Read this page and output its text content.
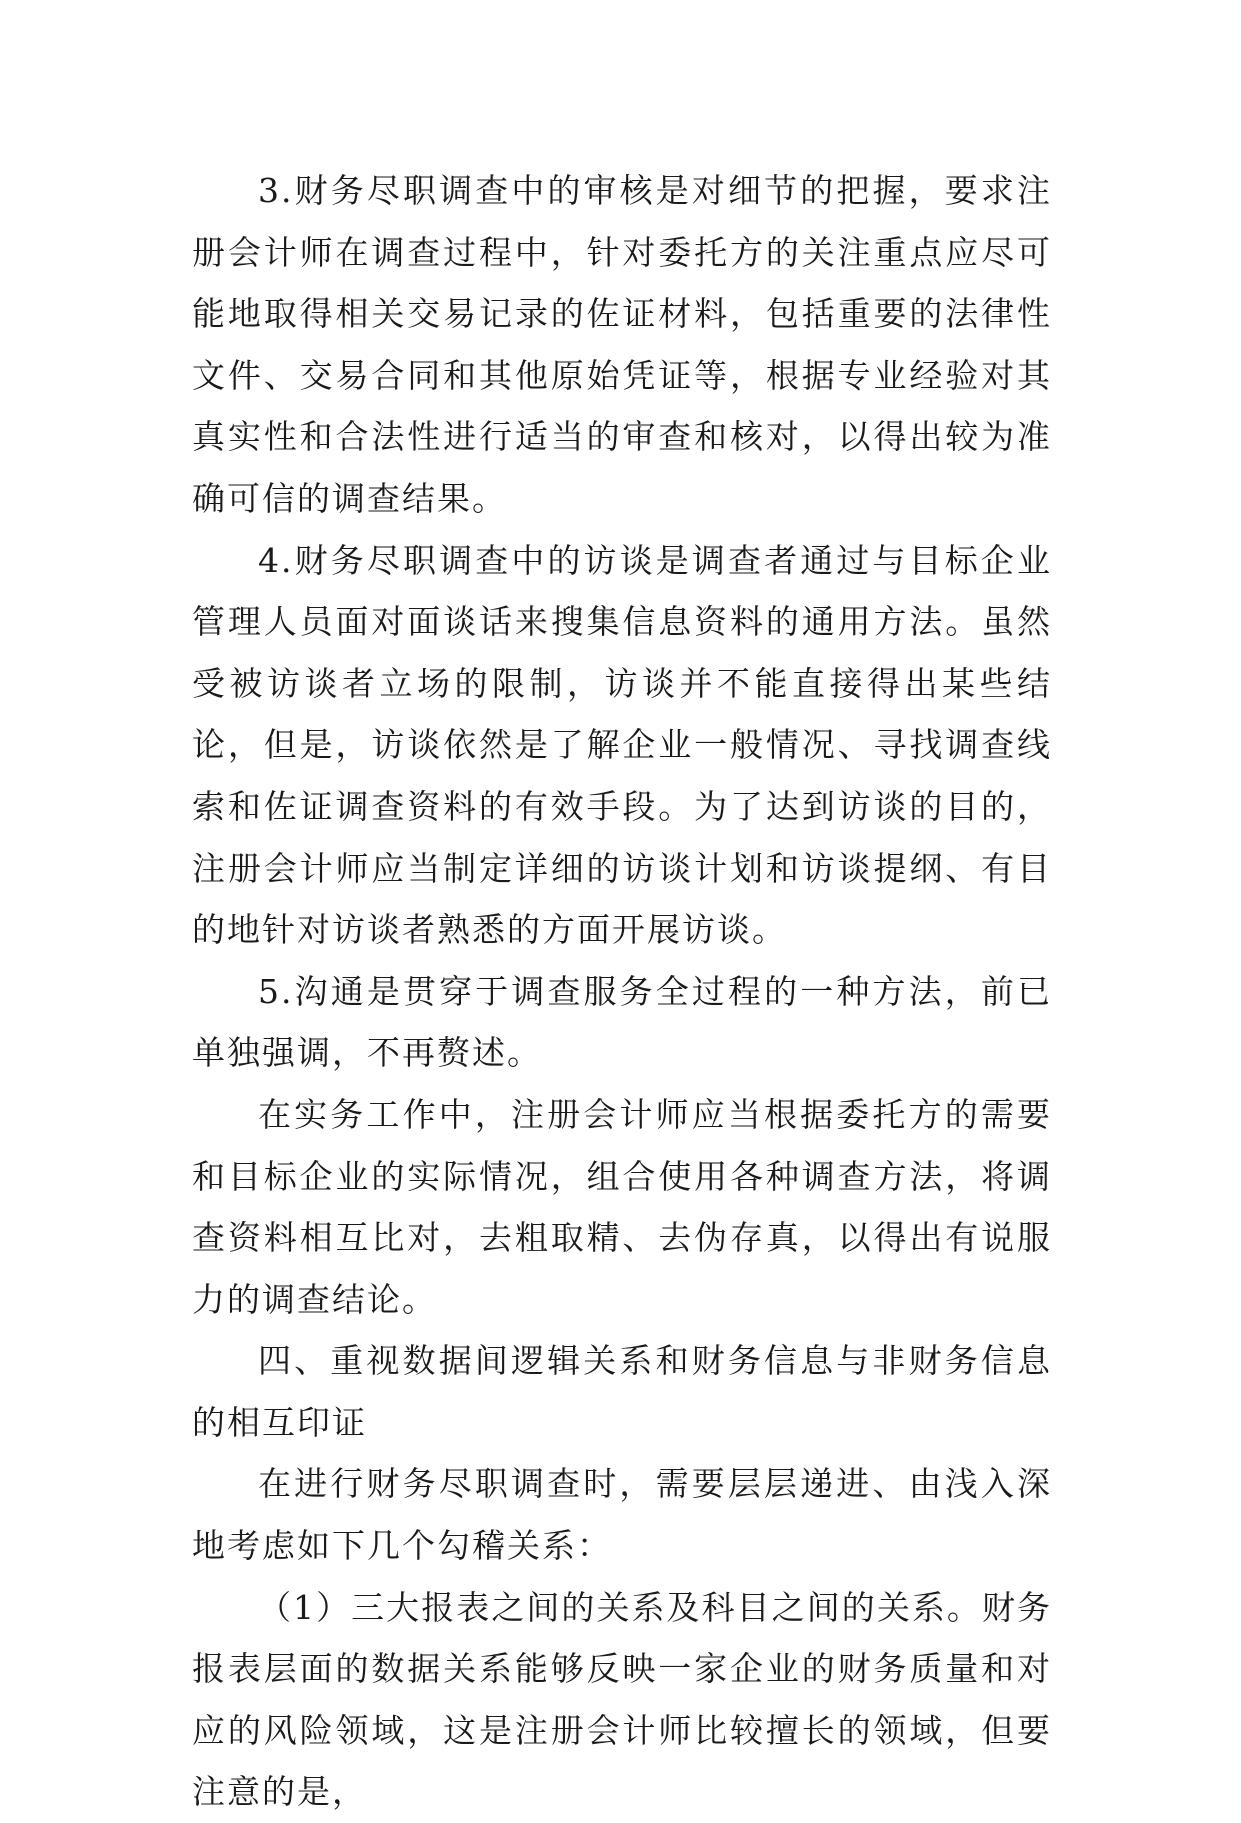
3.财务尽职调查中的审核是对细节的把握，要求注册会计师在调查过程中，针对委托方的关注重点应尽可能地取得相关交易记录的佐证材料，包括重要的法律性文件、交易合同和其他原始凭证等，根据专业经验对其真实性和合法性进行适当的审查和核对，以得出较为准确可信的调查结果。

4.财务尽职调查中的访谈是调查者通过与目标企业管理人员面对面谈话来搜集信息资料的通用方法。虽然受被访谈者立场的限制，访谈并不能直接得出某些结论，但是，访谈依然是了解企业一般情况、寻找调查线索和佐证调查资料的有效手段。为了达到访谈的目的，注册会计师应当制定详细的访谈计划和访谈提纲、有目的地针对访谈者熟悉的方面开展访谈。

5.沟通是贯穿于调查服务全过程的一种方法，前已单独强调，不再赘述。

在实务工作中，注册会计师应当根据委托方的需要和目标企业的实际情况，组合使用各种调查方法，将调查资料相互比对，去粗取精、去伪存真，以得出有说服力的调查结论。

四、重视数据间逻辑关系和财务信息与非财务信息的相互印证

在进行财务尽职调查时，需要层层递进、由浅入深地考虑如下几个勾稽关系：

（1）三大报表之间的关系及科目之间的关系。财务报表层面的数据关系能够反映一家企业的财务质量和对应的风险领域，这是注册会计师比较擅长的领域，但要注意的是，
